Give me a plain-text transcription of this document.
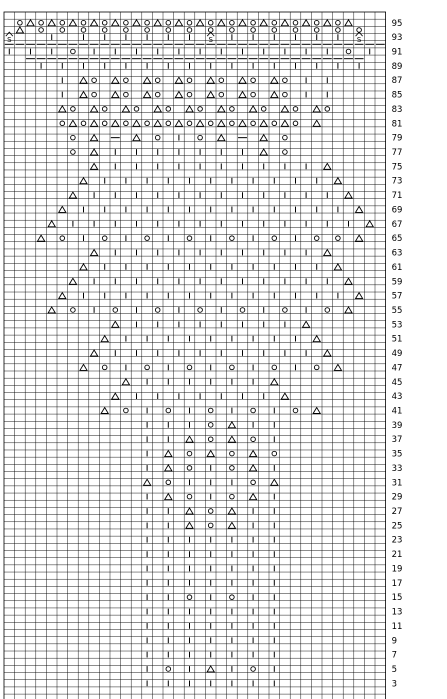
S	S	S
95
93
91
89
87
85
83
81
79
77
75
73
71
69
67
65
63
61
59
57
55
53
51
49
47
45
43
41
39
37
35
33
31
29
27
25
23
21
19
17
15
13
11
9
7
5
3
